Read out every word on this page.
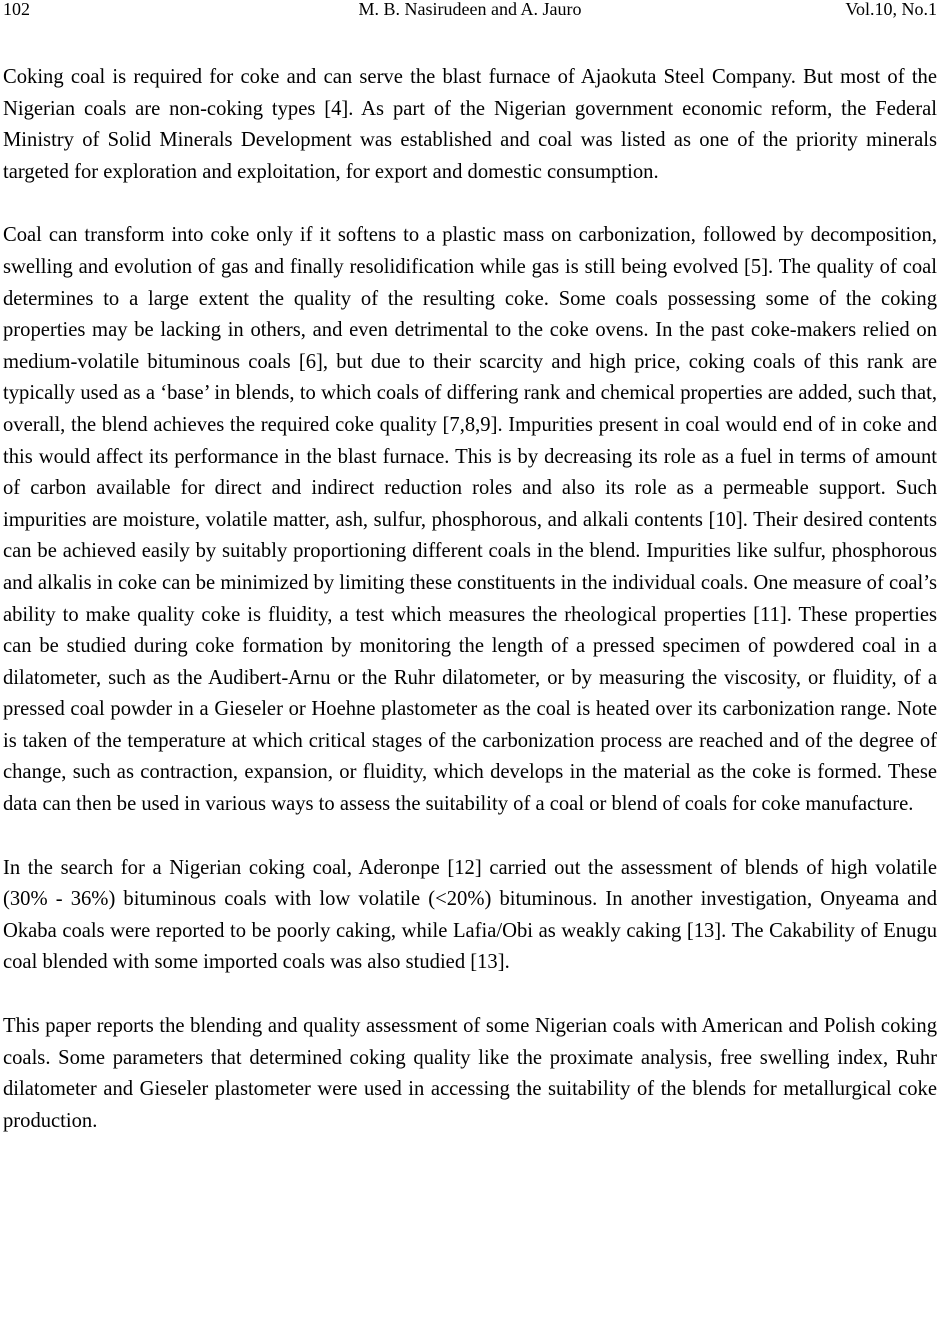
102	M. B. Nasirudeen and A. Jauro	Vol.10, No.1

Coking coal is required for coke and can serve the blast furnace of Ajaokuta Steel Company. But most of the Nigerian coals are non-coking types [4]. As part of the Nigerian government economic reform, the Federal Ministry of Solid Minerals Development was established and coal was listed as one of the priority minerals targeted for exploration and exploitation, for export and domestic consumption.

Coal can transform into coke only if it softens to a plastic mass on carbonization, followed by decomposition, swelling and evolution of gas and finally resolidification while gas is still being evolved [5]. The quality of coal determines to a large extent the quality of the resulting coke. Some coals possessing some of the coking properties may be lacking in others, and even detrimental to the coke ovens. In the past coke-makers relied on medium-volatile bituminous coals [6], but due to their scarcity and high price, coking coals of this rank are typically used as a ‘base’ in blends, to which coals of differing rank and chemical properties are added, such that, overall, the blend achieves the required coke quality [7,8,9]. Impurities present in coal would end of in coke and this would affect its performance in the blast furnace. This is by decreasing its role as a fuel in terms of amount of carbon available for direct and indirect reduction roles and also its role as a permeable support. Such impurities are moisture, volatile matter, ash, sulfur, phosphorous, and alkali contents [10]. Their desired contents can be achieved easily by suitably proportioning different coals in the blend. Impurities like sulfur, phosphorous and alkalis in coke can be minimized by limiting these constituents in the individual coals. One measure of coal’s ability to make quality coke is fluidity, a test which measures the rheological properties [11]. These properties can be studied during coke formation by monitoring the length of a pressed specimen of powdered coal in a dilatometer, such as the Audibert-Arnu or the Ruhr dilatometer, or by measuring the viscosity, or fluidity, of a pressed coal powder in a Gieseler or Hoehne plastometer as the coal is heated over its carbonization range. Note is taken of the temperature at which critical stages of the carbonization process are reached and of the degree of change, such as contraction, expansion, or fluidity, which develops in the material as the coke is formed. These data can then be used in various ways to assess the suitability of a coal or blend of coals for coke manufacture.

In the search for a Nigerian coking coal, Aderonpe [12] carried out the assessment of blends of high volatile (30% - 36%) bituminous coals with low volatile (<20%) bituminous. In another investigation, Onyeama and Okaba coals were reported to be poorly caking, while Lafia/Obi as weakly caking [13]. The Cakability of Enugu coal blended with some imported coals was also studied [13].

This paper reports the blending and quality assessment of some Nigerian coals with American and Polish coking coals. Some parameters that determined coking quality like the proximate analysis, free swelling index, Ruhr dilatometer and Gieseler plastometer were used in accessing the suitability of the blends for metallurgical coke production.
